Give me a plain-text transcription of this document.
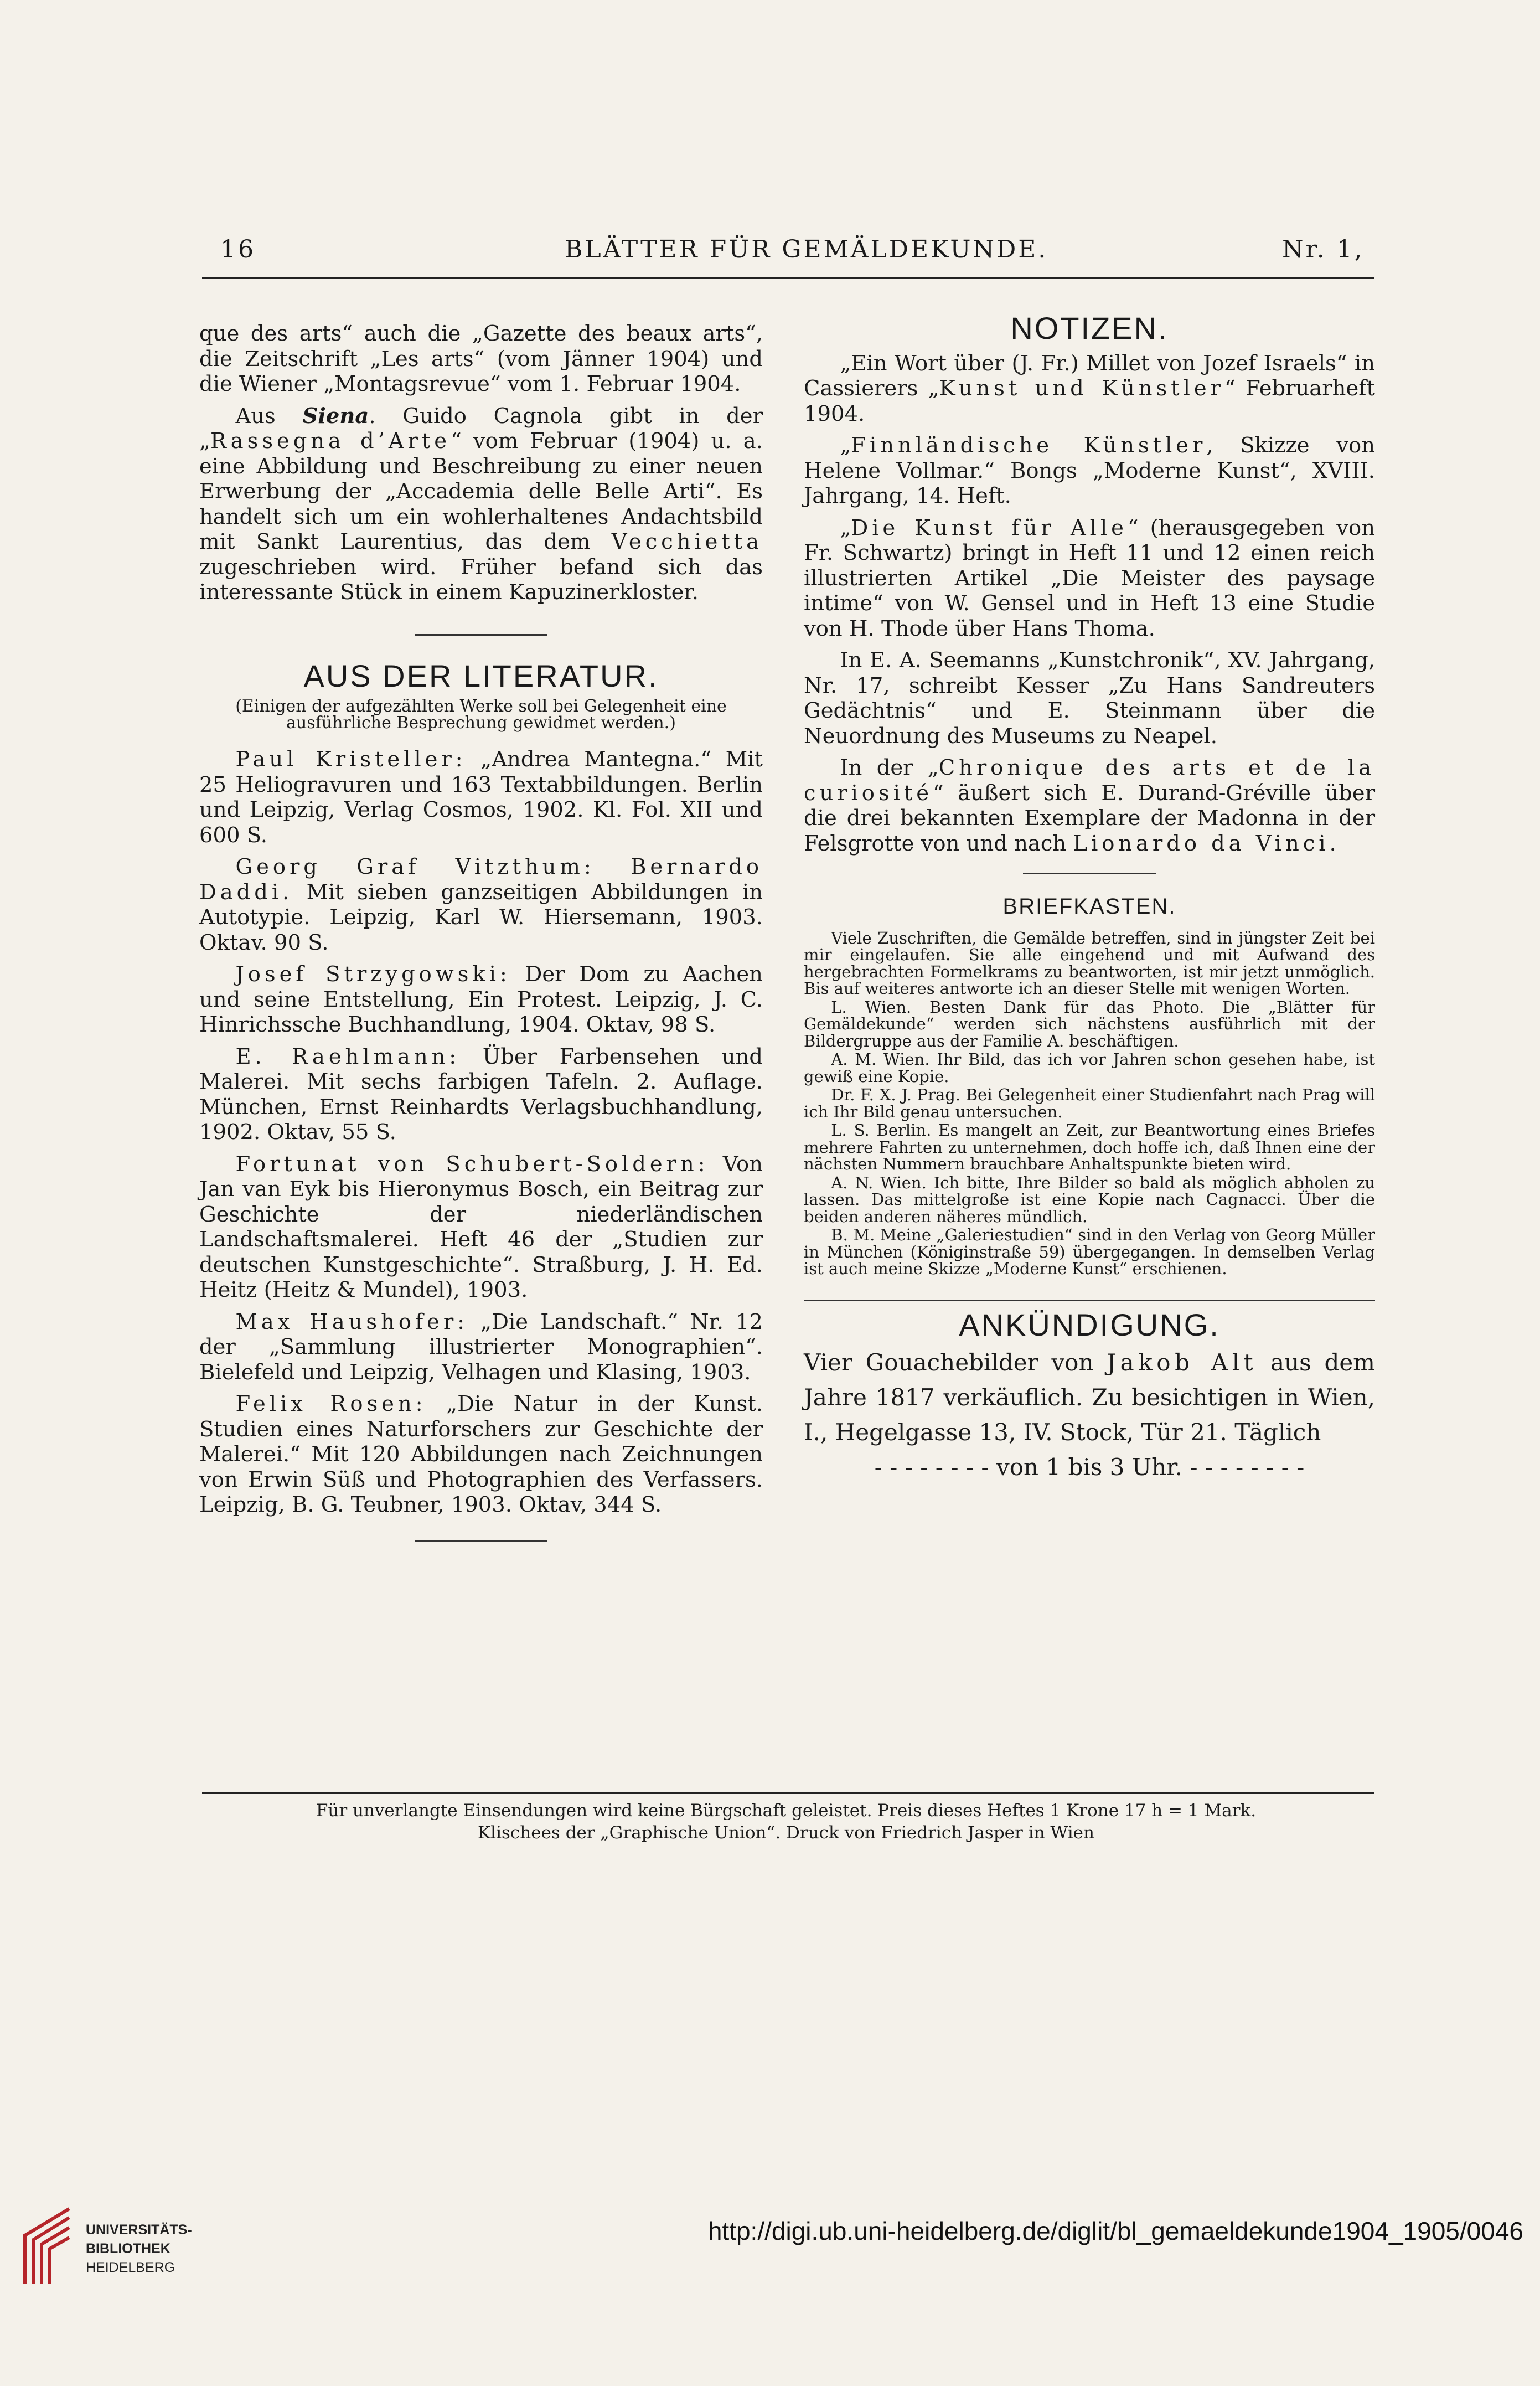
16	BLÄTTER FÜR GEMÄLDEKUNDE.	Nr. 1,

que des arts“ auch die „Gazette des beaux arts“, die Zeitschrift „Les arts“ (vom Jänner 1904) und die Wiener „Montagsrevue“ vom 1. Februar 1904.

Aus Siena. Guido Cagnola gibt in der „Rassegna d’Arte“ vom Februar (1904) u. a. eine Abbildung und Beschreibung zu einer neuen Erwerbung der „Accademia delle Belle Arti“. Es handelt sich um ein wohlerhaltenes Andachtsbild mit Sankt Laurentius, das dem Vecchietta zugeschrieben wird. Früher befand sich das interessante Stück in einem Kapuzinerkloster.

AUS DER LITERATUR.

(Einigen der aufgezählten Werke soll bei Gelegenheit eine ausführliche Besprechung gewidmet werden.)

Paul Kristeller: „Andrea Mantegna.“ Mit 25 Heliogravuren und 163 Textabbildungen. Berlin und Leipzig, Verlag Cosmos, 1902. Kl. Fol. XII und 600 S.

Georg Graf Vitzthum: Bernardo Daddi. Mit sieben ganzseitigen Abbildungen in Autotypie. Leipzig, Karl W. Hiersemann, 1903. Oktav. 90 S.

Josef Strzygowski: Der Dom zu Aachen und seine Entstellung, Ein Protest. Leipzig, J. C. Hinrichssche Buchhandlung, 1904. Oktav, 98 S.

E. Raehlmann: Über Farbensehen und Malerei. Mit sechs farbigen Tafeln. 2. Auflage. München, Ernst Reinhardts Verlagsbuchhandlung, 1902. Oktav, 55 S.

Fortunat von Schubert-Soldern: Von Jan van Eyk bis Hieronymus Bosch, ein Beitrag zur Geschichte der niederländischen Landschaftsmalerei. Heft 46 der „Studien zur deutschen Kunstgeschichte“. Straßburg, J. H. Ed. Heitz (Heitz & Mundel), 1903.

Max Haushofer: „Die Landschaft.“ Nr. 12 der „Sammlung illustrierter Monographien“. Bielefeld und Leipzig, Velhagen und Klasing, 1903.

Felix Rosen: „Die Natur in der Kunst. Studien eines Naturforschers zur Geschichte der Malerei.“ Mit 120 Abbildungen nach Zeichnungen von Erwin Süß und Photographien des Verfassers. Leipzig, B. G. Teubner, 1903. Oktav, 344 S.

NOTIZEN.

„Ein Wort über (J. Fr.) Millet von Jozef Israels“ in Cassierers „Kunst und Künstler“ Februarheft 1904.

„Finnländische Künstler, Skizze von Helene Vollmar.“ Bongs „Moderne Kunst“, XVIII. Jahrgang, 14. Heft.

„Die Kunst für Alle“ (herausgegeben von Fr. Schwartz) bringt in Heft 11 und 12 einen reich illustrierten Artikel „Die Meister des paysage intime“ von W. Gensel und in Heft 13 eine Studie von H. Thode über Hans Thoma.

In E. A. Seemanns „Kunstchronik“, XV. Jahrgang, Nr. 17, schreibt Kesser „Zu Hans Sandreuters Gedächtnis“ und E. Steinmann über die Neuordnung des Museums zu Neapel.

In der „Chronique des arts et de la curiosité“ äußert sich E. Durand-Gréville über die drei bekannten Exemplare der Madonna in der Felsgrotte von und nach Lionardo da Vinci.

BRIEFKASTEN.

Viele Zuschriften, die Gemälde betreffen, sind in jüngster Zeit bei mir eingelaufen. Sie alle eingehend und mit Aufwand des hergebrachten Formelkrams zu beantworten, ist mir jetzt unmöglich. Bis auf weiteres antworte ich an dieser Stelle mit wenigen Worten.

L. Wien. Besten Dank für das Photo. Die „Blätter für Gemäldekunde“ werden sich nächstens ausführlich mit der Bildergruppe aus der Familie A. beschäftigen.

A. M. Wien. Ihr Bild, das ich vor Jahren schon gesehen habe, ist gewiß eine Kopie.

Dr. F. X. J. Prag. Bei Gelegenheit einer Studienfahrt nach Prag will ich Ihr Bild genau untersuchen.

L. S. Berlin. Es mangelt an Zeit, zur Beantwortung eines Briefes mehrere Fahrten zu unternehmen, doch hoffe ich, daß Ihnen eine der nächsten Nummern brauchbare Anhaltspunkte bieten wird.

A. N. Wien. Ich bitte, Ihre Bilder so bald als möglich abholen zu lassen. Das mittelgroße ist eine Kopie nach Cagnacci. Über die beiden anderen näheres mündlich.

B. M. Meine „Galeriestudien“ sind in den Verlag von Georg Müller in München (Königinstraße 59) übergegangen. In demselben Verlag ist auch meine Skizze „Moderne Kunst“ erschienen.

ANKÜNDIGUNG.

Vier Gouachebilder von Jakob Alt aus dem Jahre 1817 verkäuflich. Zu besichtigen in Wien, I., Hegelgasse 13, IV. Stock, Tür 21. Täglich
- - - - - - - - von 1 bis 3 Uhr. - - - - - - - -
Für unverlangte Einsendungen wird keine Bürgschaft geleistet. Preis dieses Heftes 1 Krone 17 h = 1 Mark.
Klischees der „Graphische Union“. Druck von Friedrich Jasper in Wien
UNIVERSITÄTS-
BIBLIOTHEK
HEIDELBERG
http://digi.ub.uni-heidelberg.de/diglit/bl_gemaeldekunde1904_1905/0046
